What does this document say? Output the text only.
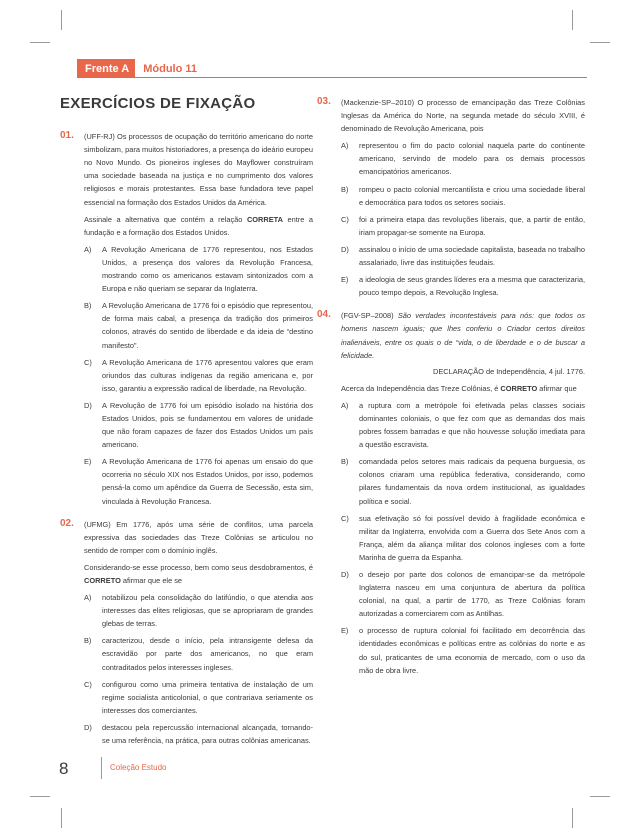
Frente A	Módulo 11
EXERCÍCIOS DE FIXAÇÃO
01. (UFF-RJ) Os processos de ocupação do território americano do norte simbolizam, para muitos historiadores, a presença do ideário europeu no Novo Mundo. Os pioneiros ingleses do Mayflower construíram uma sociedade baseada na justiça e no cumprimento dos valores religiosos e morais protestantes. Essa base fundadora teve papel essencial na formação dos Estados Unidos da América.
Assinale a alternativa que contém a relação CORRETA entre a fundação e a formação dos Estados Unidos.
A) A Revolução Americana de 1776 representou, nos Estados Unidos, a presença dos valores da Revolução Francesa, mostrando como os americanos estavam sintonizados com a Europa e não queriam se separar da Inglaterra.
B) A Revolução Americana de 1776 foi o episódio que representou, de forma mais cabal, a presença da tradição dos primeiros colonos, através do sentido de liberdade e da ideia de “destino manifesto”.
C) A Revolução Americana de 1776 apresentou valores que eram oriundos das culturas indígenas da região americana e, por isso, garantiu a expressão radical de liberdade, na Revolução.
D) A Revolução de 1776 foi um episódio isolado na história dos Estados Unidos, pois se fundamentou em valores de unidade que não foram capazes de fazer dos Estados Unidos um país americano.
E) A Revolução Americana de 1776 foi apenas um ensaio do que ocorreria no século XIX nos Estados Unidos, por isso, podemos pensá-la como um apêndice da Guerra de Secessão, esta sim, vinculada à Revolução Francesa.
02. (UFMG) Em 1776, após uma série de conflitos, uma parcela expressiva das sociedades das Treze Colônias se articulou no sentido de romper com o domínio inglês.
Considerando-se esse processo, bem como seus desdobramentos, é CORRETO afirmar que ele se
A) notabilizou pela consolidação do latifúndio, o que atendia aos interesses das elites religiosas, que se apropriaram de grandes glebas de terras.
B) caracterizou, desde o início, pela intransigente defesa da escravidão por parte dos americanos, no que eram contraditados pelos interesses ingleses.
C) configurou como uma primeira tentativa de instalação de um regime socialista anticolonial, o que contrariava seriamente os interesses dos comerciantes.
D) destacou pela repercussão internacional alcançada, tornando-se uma referência, na prática, para outras colônias americanas.
03. (Mackenzie-SP–2010) O processo de emancipação das Treze Colônias Inglesas da América do Norte, na segunda metade do século XVIII, é denominado de Revolução Americana, pois
A) representou o fim do pacto colonial naquela parte do continente americano, servindo de modelo para os demais processos emancipatórios americanos.
B) rompeu o pacto colonial mercantilista e criou uma sociedade liberal e democrática para todos os setores sociais.
C) foi a primeira etapa das revoluções liberais, que, a partir de então, iriam propagar-se somente na Europa.
D) assinalou o início de uma sociedade capitalista, baseada no trabalho assalariado, livre das instituições feudais.
E) a ideologia de seus grandes líderes era a mesma que caracterizaria, pouco tempo depois, a Revolução Inglesa.
04. (FGV-SP–2008) São verdades incontestáveis para nós: que todos os homens nascem iguais; que lhes conferiu o Criador certos direitos inalienáveis, entre os quais o de “vida, o de liberdade e o de buscar a felicidade.
DECLARAÇÃO de Independência, 4 jul. 1776.
Acerca da Independência das Treze Colônias, é CORRETO afirmar que
A) a ruptura com a metrópole foi efetivada pelas classes sociais dominantes coloniais, o que fez com que as demandas dos mais pobres fossem barradas e que não houvesse solução imediata para a questão escravista.
B) comandada pelos setores mais radicais da pequena burguesia, os colonos criaram uma república federativa, considerando, como pilares fundamentais da nova ordem institucional, as igualdades política e social.
C) sua efetivação só foi possível devido à fragilidade econômica e militar da Inglaterra, envolvida com a Guerra dos Sete Anos com a França, além da aliança militar dos colonos ingleses com a forte Marinha de guerra da Espanha.
D) o desejo por parte dos colonos de emancipar-se da metrópole Inglaterra nasceu em uma conjuntura de abertura da política colonial, na qual, a partir de 1770, as Treze Colônias foram autorizadas a comerciarem com as Antilhas.
E) o processo de ruptura colonial foi facilitado em decorrência das identidades econômicas e políticas entre as colônias do norte e as do sul, praticantes de uma economia de mercado, com o uso da mão de obra livre.
8	Coleção Estudo
